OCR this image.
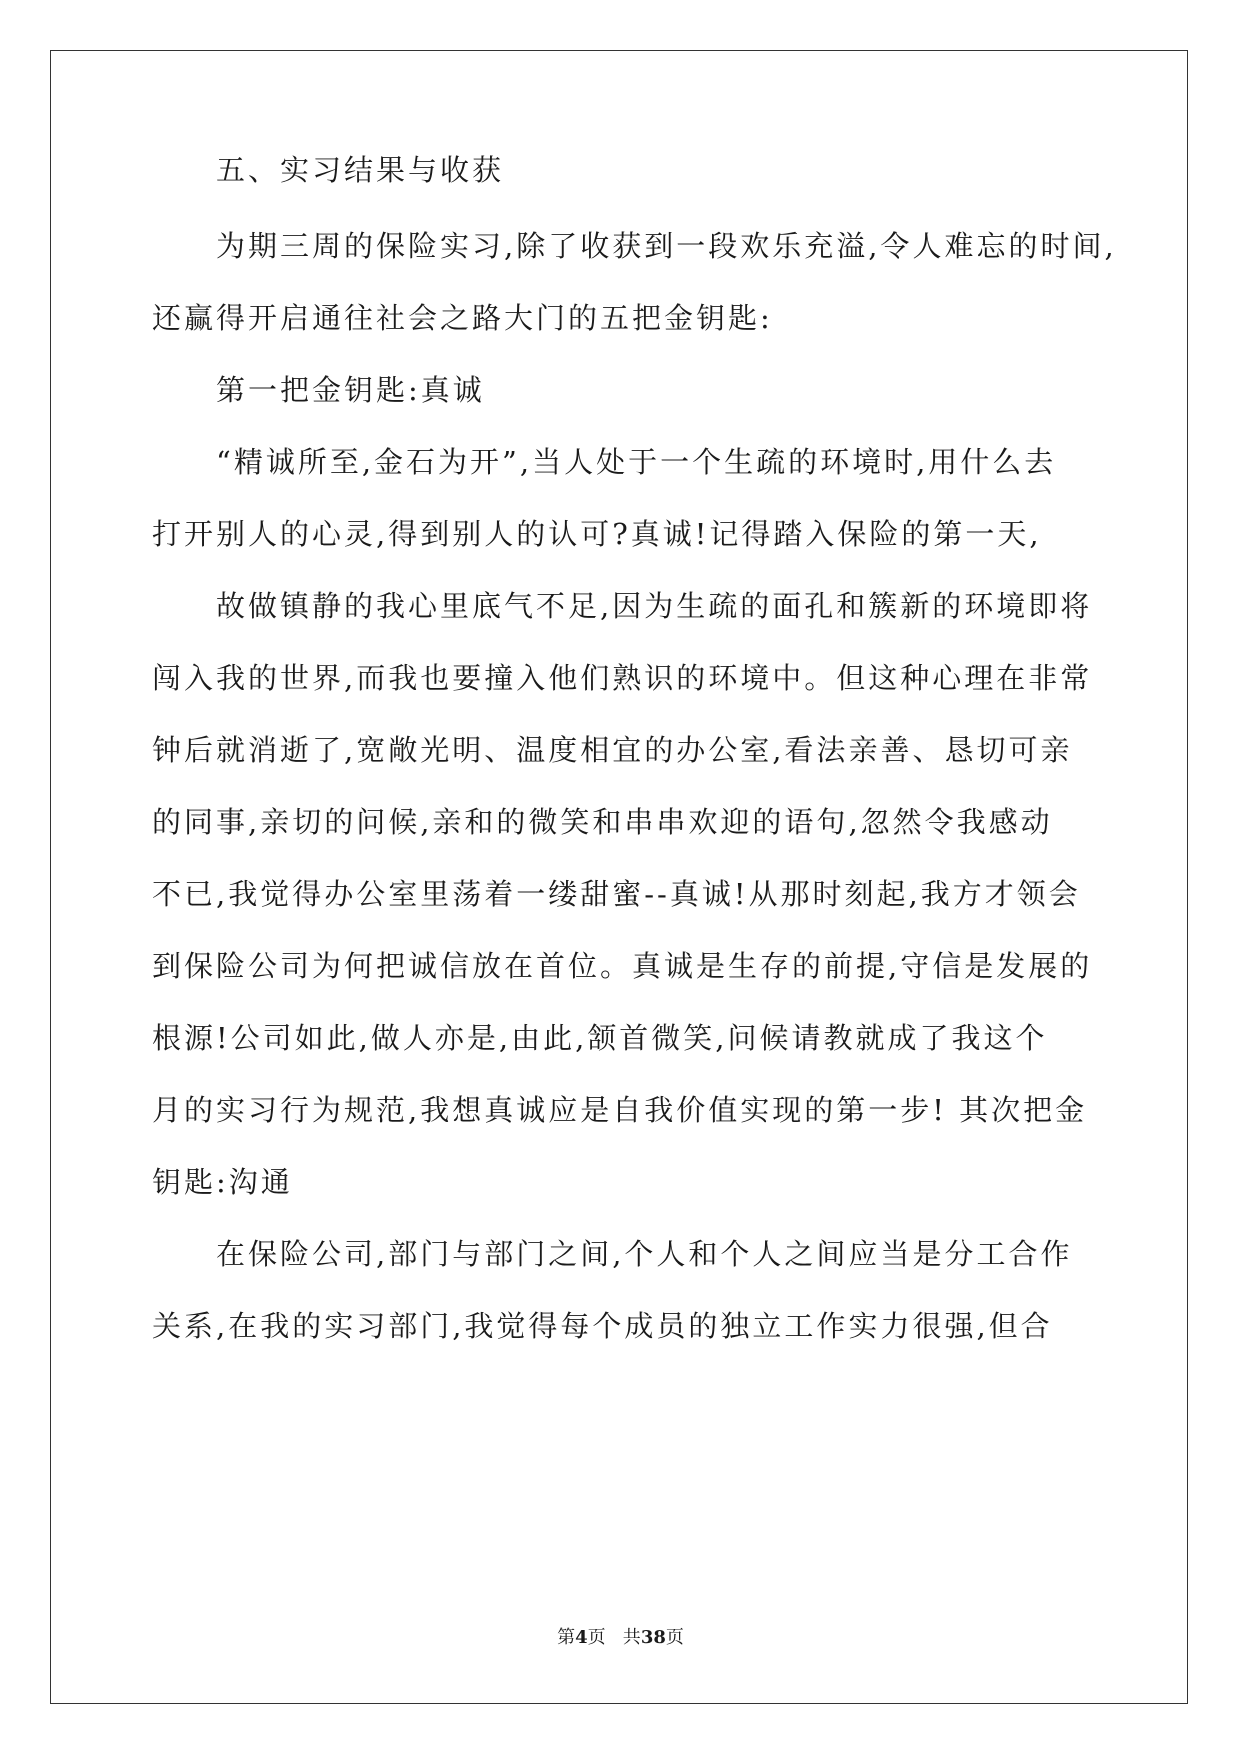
五、实习结果与收获
为期三周的保险实习,除了收获到一段欢乐充溢,令人难忘的时间,
还赢得开启通往社会之路大门的五把金钥匙:
第一把金钥匙:真诚
“精诚所至,金石为开”,当人处于一个生疏的环境时,用什么去
打开别人的心灵,得到别人的认可?真诚!记得踏入保险的第一天,
故做镇静的我心里底气不足,因为生疏的面孔和簇新的环境即将
闯入我的世界,而我也要撞入他们熟识的环境中。但这种心理在非常
钟后就消逝了,宽敞光明、温度相宜的办公室,看法亲善、恳切可亲
的同事,亲切的问候,亲和的微笑和串串欢迎的语句,忽然令我感动
不已,我觉得办公室里荡着一缕甜蜜--真诚!从那时刻起,我方才领会
到保险公司为何把诚信放在首位。真诚是生存的前提,守信是发展的
根源!公司如此,做人亦是,由此,颔首微笑,问候请教就成了我这个
月的实习行为规范,我想真诚应是自我价值实现的第一步! 其次把金
钥匙:沟通
在保险公司,部门与部门之间,个人和个人之间应当是分工合作
关系,在我的实习部门,我觉得每个成员的独立工作实力很强,但合
第4页   共38页
